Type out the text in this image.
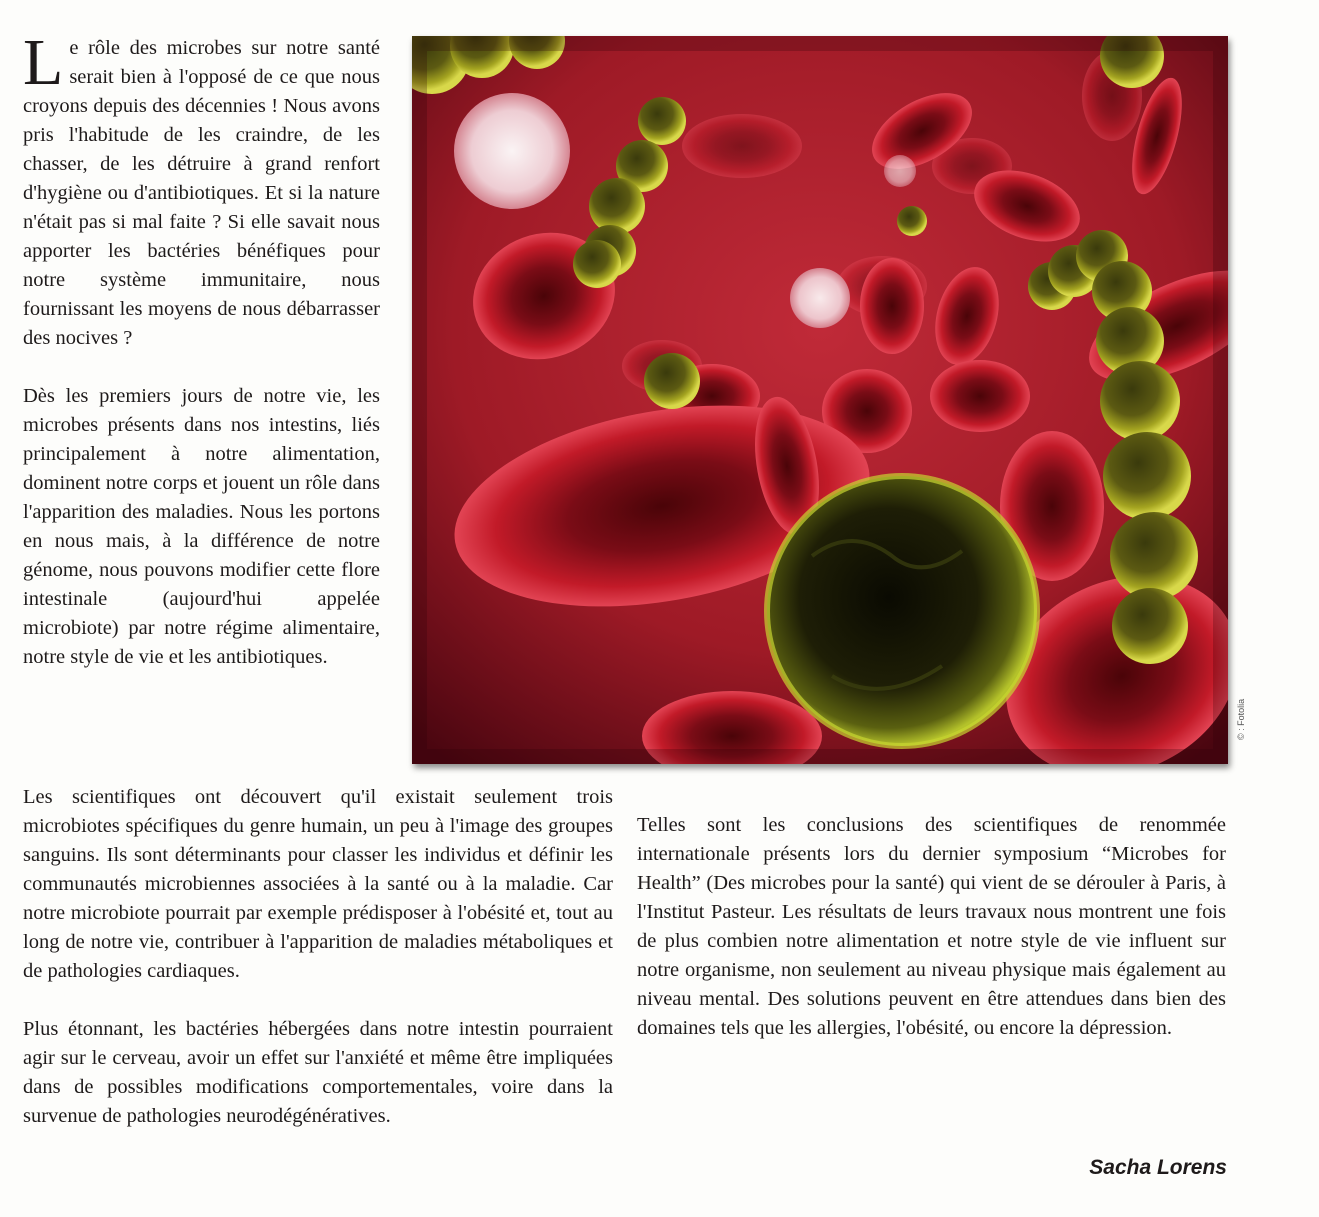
Le rôle des microbes sur notre santé serait bien à l'opposé de ce que nous croyons depuis des décennies ! Nous avons pris l'habitude de les craindre, de les chasser, de les détruire à grand renfort d'hygiène ou d'antibiotiques. Et si la nature n'était pas si mal faite ? Si elle savait nous apporter les bactéries bénéfiques pour notre système immunitaire, nous fournissant les moyens de nous débarrasser des nocives ?

Dès les premiers jours de notre vie, les microbes présents dans nos intestins, liés principalement à notre alimentation, dominent notre corps et jouent un rôle dans l'apparition des maladies. Nous les portons en nous mais, à la différence de notre génome, nous pouvons modifier cette flore intestinale (aujourd'hui appelée microbiote) par notre régime alimentaire, notre style de vie et les antibiotiques.

© : Fotolia

Les scientifiques ont découvert qu'il existait seulement trois microbiotes spécifiques du genre humain, un peu à l'image des groupes sanguins. Ils sont déterminants pour classer les individus et définir les communautés microbiennes associées à la santé ou à la maladie. Car notre microbiote pourrait par exemple prédisposer à l'obésité et, tout au long de notre vie, contribuer à l'apparition de maladies métaboliques et de pathologies cardiaques.

Plus étonnant, les bactéries hébergées dans notre intestin pourraient agir sur le cerveau, avoir un effet sur l'anxiété et même être impliquées dans de possibles modifications comportementales, voire dans la survenue de pathologies neurodégénératives.

Telles sont les conclusions des scientifiques de renommée internationale présents lors du dernier symposium “Microbes for Health” (Des microbes pour la santé) qui vient de se dérouler à Paris, à l'Institut Pasteur. Les résultats de leurs travaux nous montrent une fois de plus combien notre alimentation et notre style de vie influent sur notre organisme, non seulement au niveau physique mais également au niveau mental. Des solutions peuvent en être attendues dans bien des domaines tels que les allergies, l'obésité, ou encore la dépression.

Sacha Lorens
